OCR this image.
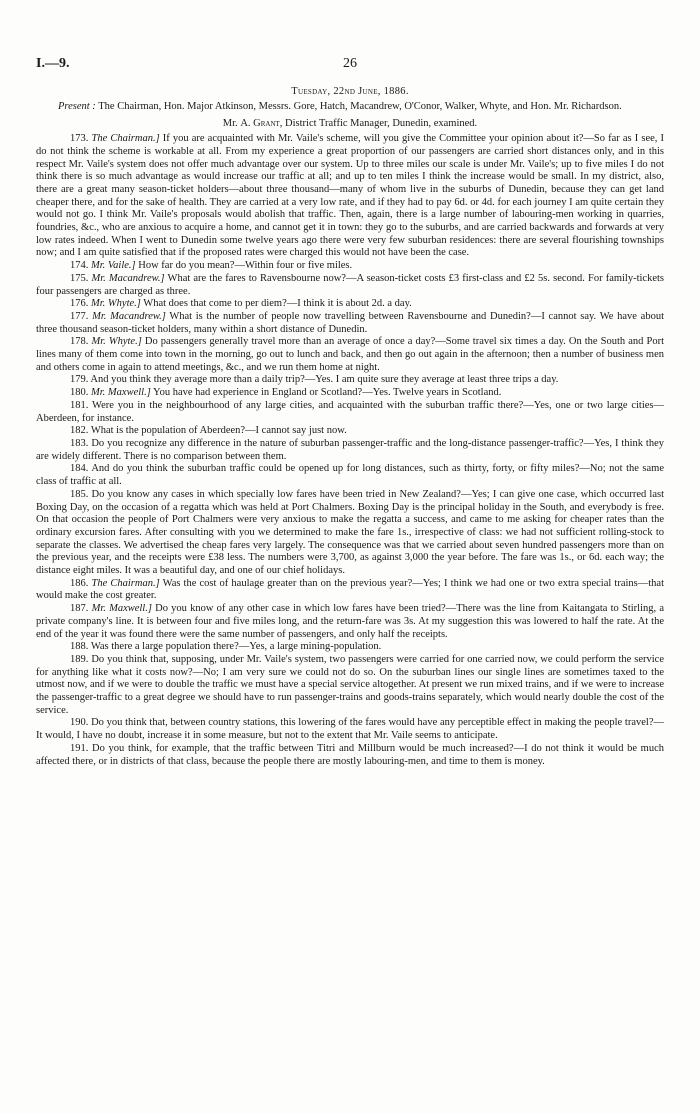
I.—9.	26
Tuesday, 22nd June, 1886.
Present : The Chairman, Hon. Major Atkinson, Messrs. Gore, Hatch, Macandrew, O'Conor, Walker, Whyte, and Hon. Mr. Richardson.
Mr. A. Grant, District Traffic Manager, Dunedin, examined.

173. The Chairman.] If you are acquainted with Mr. Vaile's scheme, will you give the Committee your opinion about it?—So far as I see, I do not think the scheme is workable at all. From my experience a great proportion of our passengers are carried short distances only, and in this respect Mr. Vaile's system does not offer much advantage over our system. Up to three miles our scale is under Mr. Vaile's; up to five miles I do not think there is so much advantage as would increase our traffic at all; and up to ten miles I think the increase would be small. In my district, also, there are a great many season-ticket holders—about three thousand—many of whom live in the suburbs of Dunedin, because they can get land cheaper there, and for the sake of health. They are carried at a very low rate, and if they had to pay 6d. or 4d. for each journey I am quite certain they would not go. I think Mr. Vaile's proposals would abolish that traffic. Then, again, there is a large number of labouring-men working in quarries, foundries, &c., who are anxious to acquire a home, and cannot get it in town: they go to the suburbs, and are carried backwards and forwards at very low rates indeed. When I went to Dunedin some twelve years ago there were very few suburban residences: there are several flourishing townships now; and I am quite satisfied that if the proposed rates were charged this would not have been the case.

174. Mr. Vaile.] How far do you mean?—Within four or five miles.

175. Mr. Macandrew.] What are the fares to Ravensbourne now?—A season-ticket costs £3 first-class and £2 5s. second. For family-tickets four passengers are charged as three.

176. Mr. Whyte.] What does that come to per diem?—I think it is about 2d. a day.

177. Mr. Macandrew.] What is the number of people now travelling between Ravensbourne and Dunedin?—I cannot say. We have about three thousand season-ticket holders, many within a short distance of Dunedin.

178. Mr. Whyte.] Do passengers generally travel more than an average of once a day?—Some travel six times a day. On the South and Port lines many of them come into town in the morning, go out to lunch and back, and then go out again in the afternoon; then a number of business men and others come in again to attend meetings, &c., and we run them home at night.

179. And you think they average more than a daily trip?—Yes. I am quite sure they average at least three trips a day.

180. Mr. Maxwell.] You have had experience in England or Scotland?—Yes. Twelve years in Scotland.

181. Were you in the neighbourhood of any large cities, and acquainted with the suburban traffic there?—Yes, one or two large cities—Aberdeen, for instance.

182. What is the population of Aberdeen?—I cannot say just now.

183. Do you recognize any difference in the nature of suburban passenger-traffic and the long-distance passenger-traffic?—Yes, I think they are widely different. There is no comparison between them.

184. And do you think the suburban traffic could be opened up for long distances, such as thirty, forty, or fifty miles?—No; not the same class of traffic at all.

185. Do you know any cases in which specially low fares have been tried in New Zealand?—Yes; I can give one case, which occurred last Boxing Day, on the occasion of a regatta which was held at Port Chalmers. Boxing Day is the principal holiday in the South, and everybody is free. On that occasion the people of Port Chalmers were very anxious to make the regatta a success, and came to me asking for cheaper rates than the ordinary excursion fares. After consulting with you we determined to make the fare 1s., irrespective of class: we had not sufficient rolling-stock to separate the classes. We advertised the cheap fares very largely. The consequence was that we carried about seven hundred passengers more than on the previous year, and the receipts were £38 less. The numbers were 3,700, as against 3,000 the year before. The fare was 1s., or 6d. each way; the distance eight miles. It was a beautiful day, and one of our chief holidays.

186. The Chairman.] Was the cost of haulage greater than on the previous year?—Yes; I think we had one or two extra special trains—that would make the cost greater.

187. Mr. Maxwell.] Do you know of any other case in which low fares have been tried?—There was the line from Kaitangata to Stirling, a private company's line. It is between four and five miles long, and the return-fare was 3s. At my suggestion this was lowered to half the rate. At the end of the year it was found there were the same number of passengers, and only half the receipts.

188. Was there a large population there?—Yes, a large mining-population.

189. Do you think that, supposing, under Mr. Vaile's system, two passengers were carried for one carried now, we could perform the service for anything like what it costs now?—No; I am very sure we could not do so. On the suburban lines our single lines are sometimes taxed to the utmost now, and if we were to double the traffic we must have a special service altogether. At present we run mixed trains, and if we were to increase the passenger-traffic to a great degree we should have to run passenger-trains and goods-trains separately, which would nearly double the cost of the service.

190. Do you think that, between country stations, this lowering of the fares would have any perceptible effect in making the people travel?—It would, I have no doubt, increase it in some measure, but not to the extent that Mr. Vaile seems to anticipate.

191. Do you think, for example, that the traffic between Titri and Millburn would be much increased?—I do not think it would be much affected there, or in districts of that class, because the people there are mostly labouring-men, and time to them is money.
